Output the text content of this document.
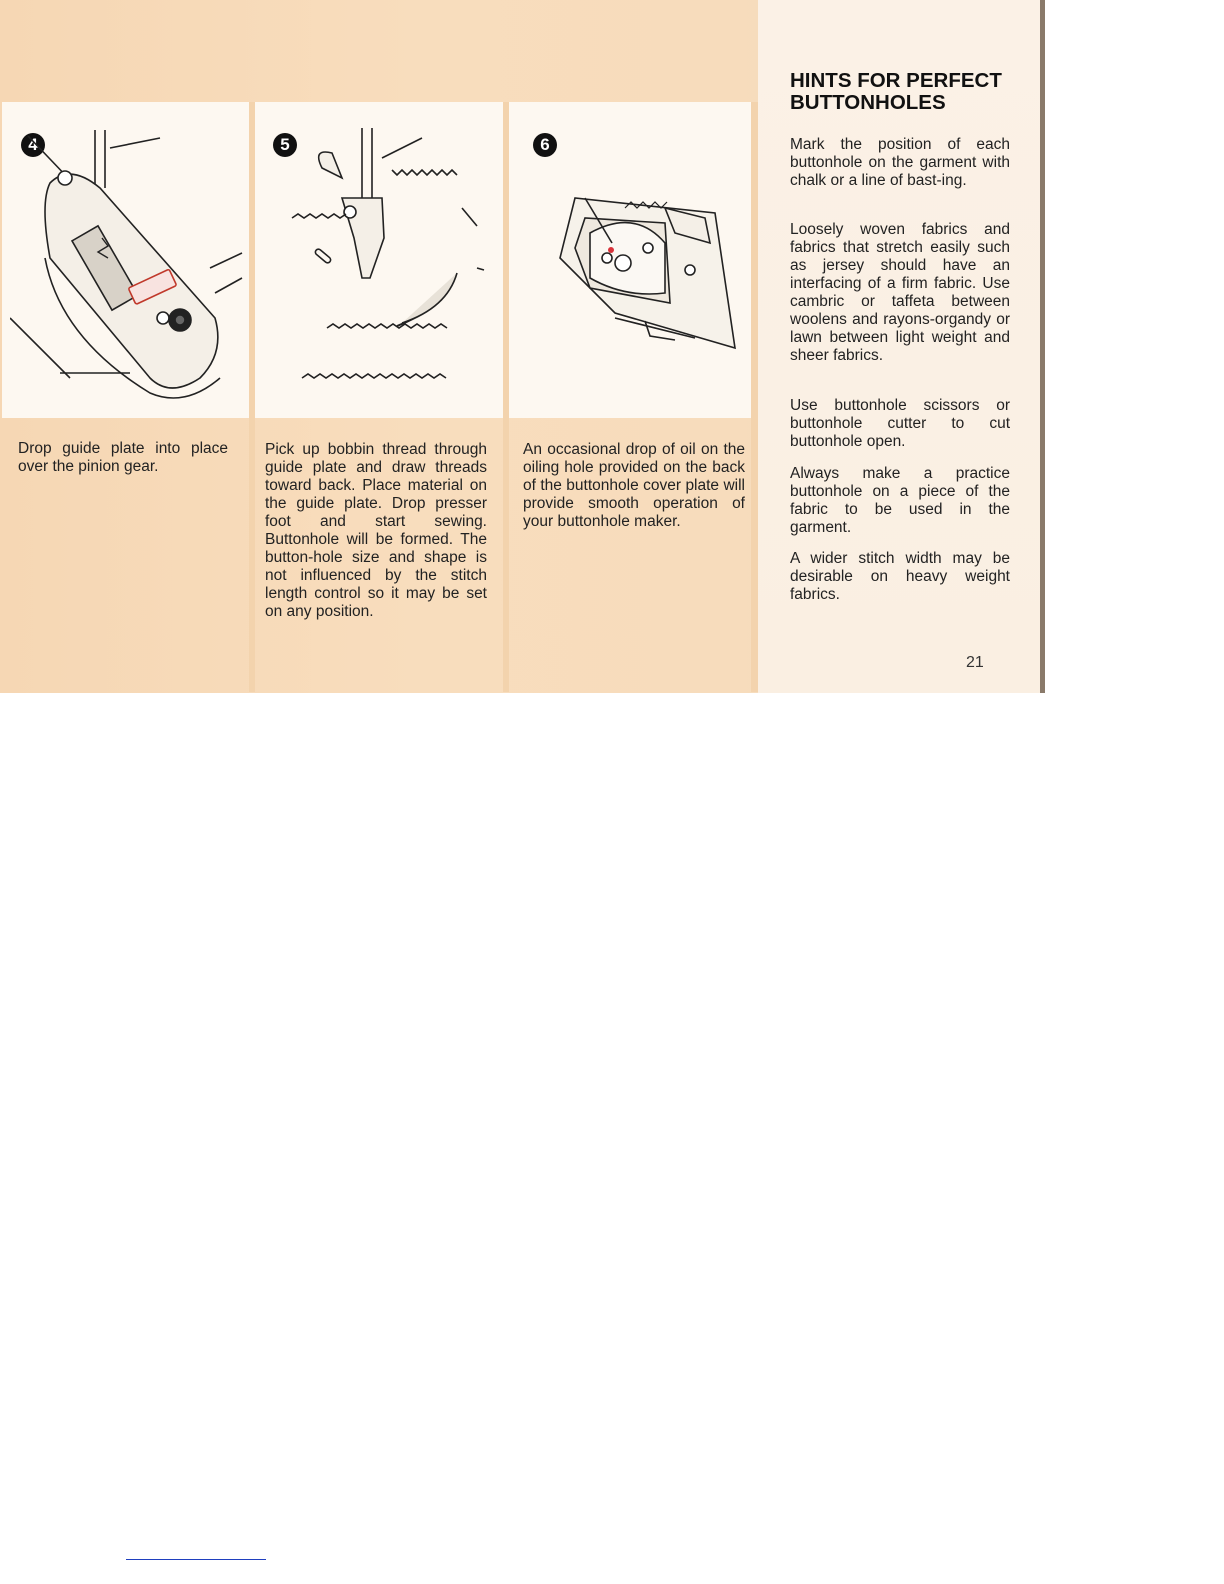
4	5	6

Drop guide plate into place over the pinion gear.

Pick up bobbin thread through guide plate and draw threads toward back. Place material on the guide plate. Drop presser foot and start sewing. Buttonhole will be formed. The button-hole size and shape is not influenced by the stitch length control so it may be set on any position.

An occasional drop of oil on the oiling hole provided on the back of the buttonhole cover plate will provide smooth operation of your buttonhole maker.

HINTS FOR PERFECT
BUTTONHOLES

Mark the position of each buttonhole on the garment with chalk or a line of bast-ing.

Loosely woven fabrics and fabrics that stretch easily such as jersey should have an interfacing of a firm fabric. Use cambric or taffeta between woolens and rayons-organdy or lawn between light weight and sheer fabrics.

Use buttonhole scissors or buttonhole cutter to cut buttonhole open.

Always make a practice buttonhole on a piece of the fabric to be used in the garment.

A wider stitch width may be desirable on heavy weight fabrics.

21
